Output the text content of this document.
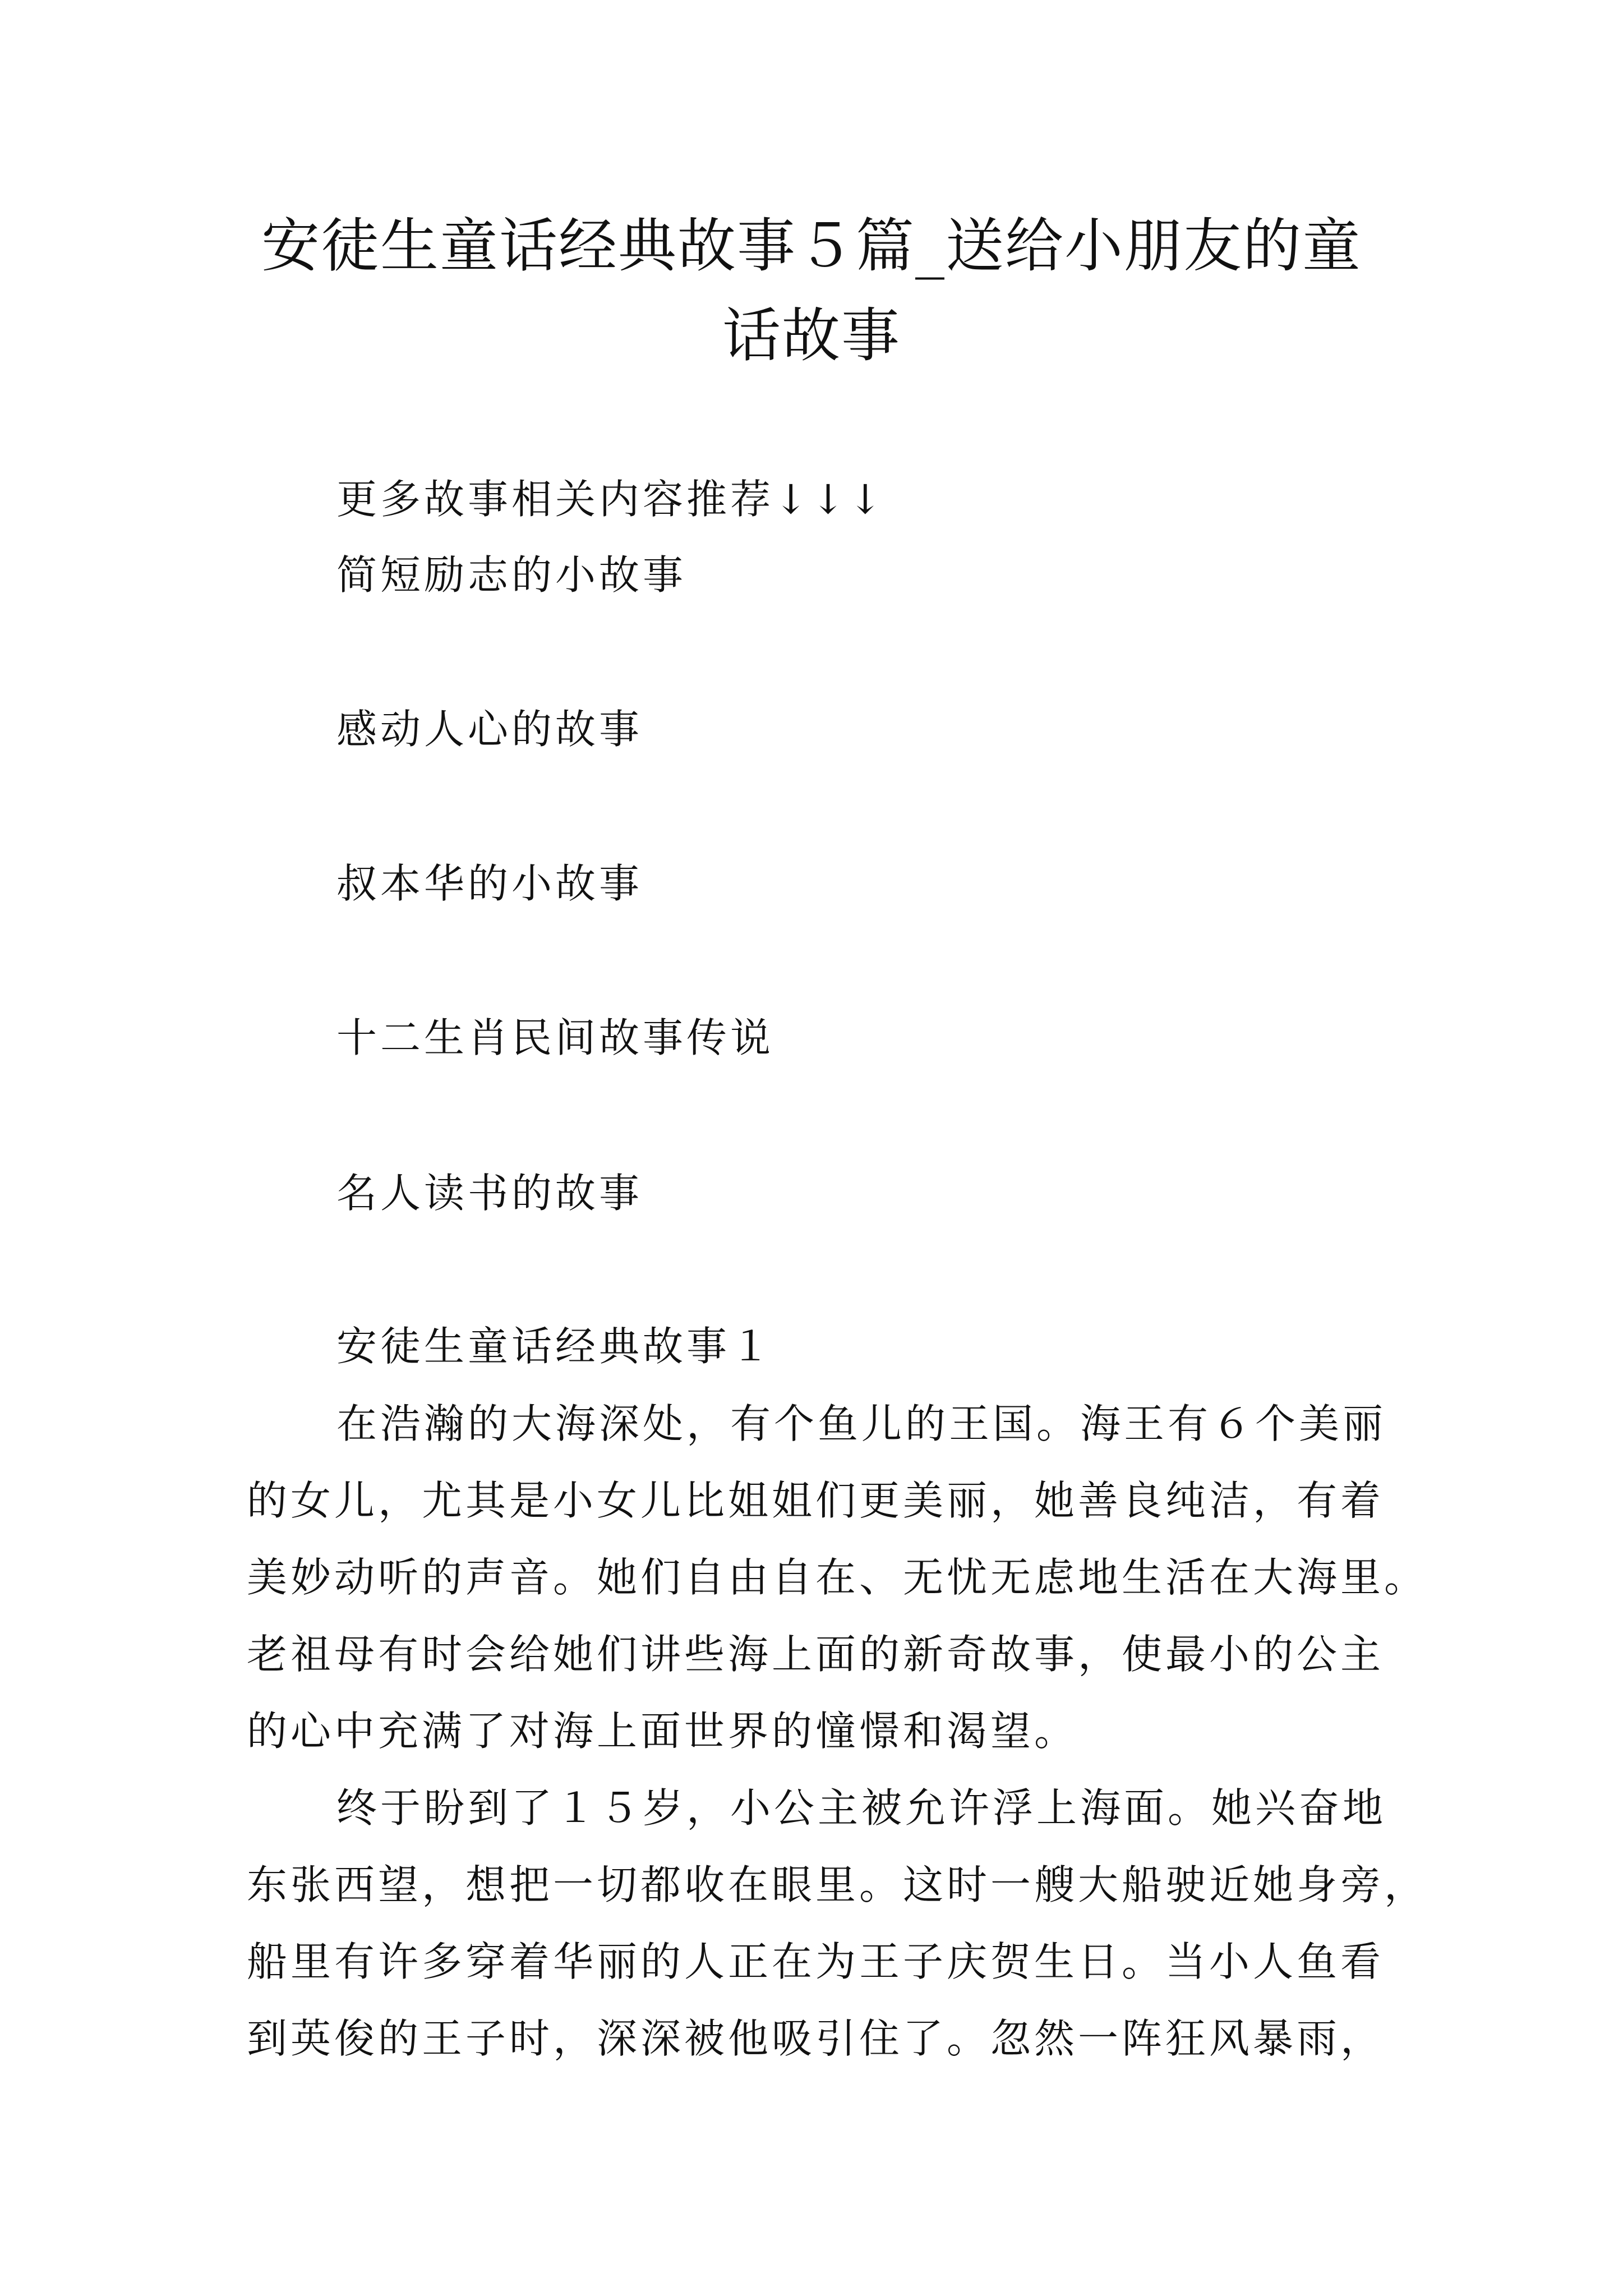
安徒生童话经典故事５篇_送给小朋友的童
话故事
更多故事相关内容推荐↓↓↓
简短励志的小故事
感动人心的故事
叔本华的小故事
十二生肖民间故事传说
名人读书的故事
安徒生童话经典故事１
在浩瀚的大海深处，有个鱼儿的王国。海王有６个美丽
的女儿，尤其是小女儿比姐姐们更美丽，她善良纯洁，有着
美妙动听的声音。她们自由自在、无忧无虑地生活在大海里。
老祖母有时会给她们讲些海上面的新奇故事，使最小的公主
的心中充满了对海上面世界的憧憬和渴望。
终于盼到了１５岁，小公主被允许浮上海面。她兴奋地
东张西望，想把一切都收在眼里。这时一艘大船驶近她身旁，
船里有许多穿着华丽的人正在为王子庆贺生日。当小人鱼看
到英俊的王子时，深深被他吸引住了。忽然一阵狂风暴雨，
